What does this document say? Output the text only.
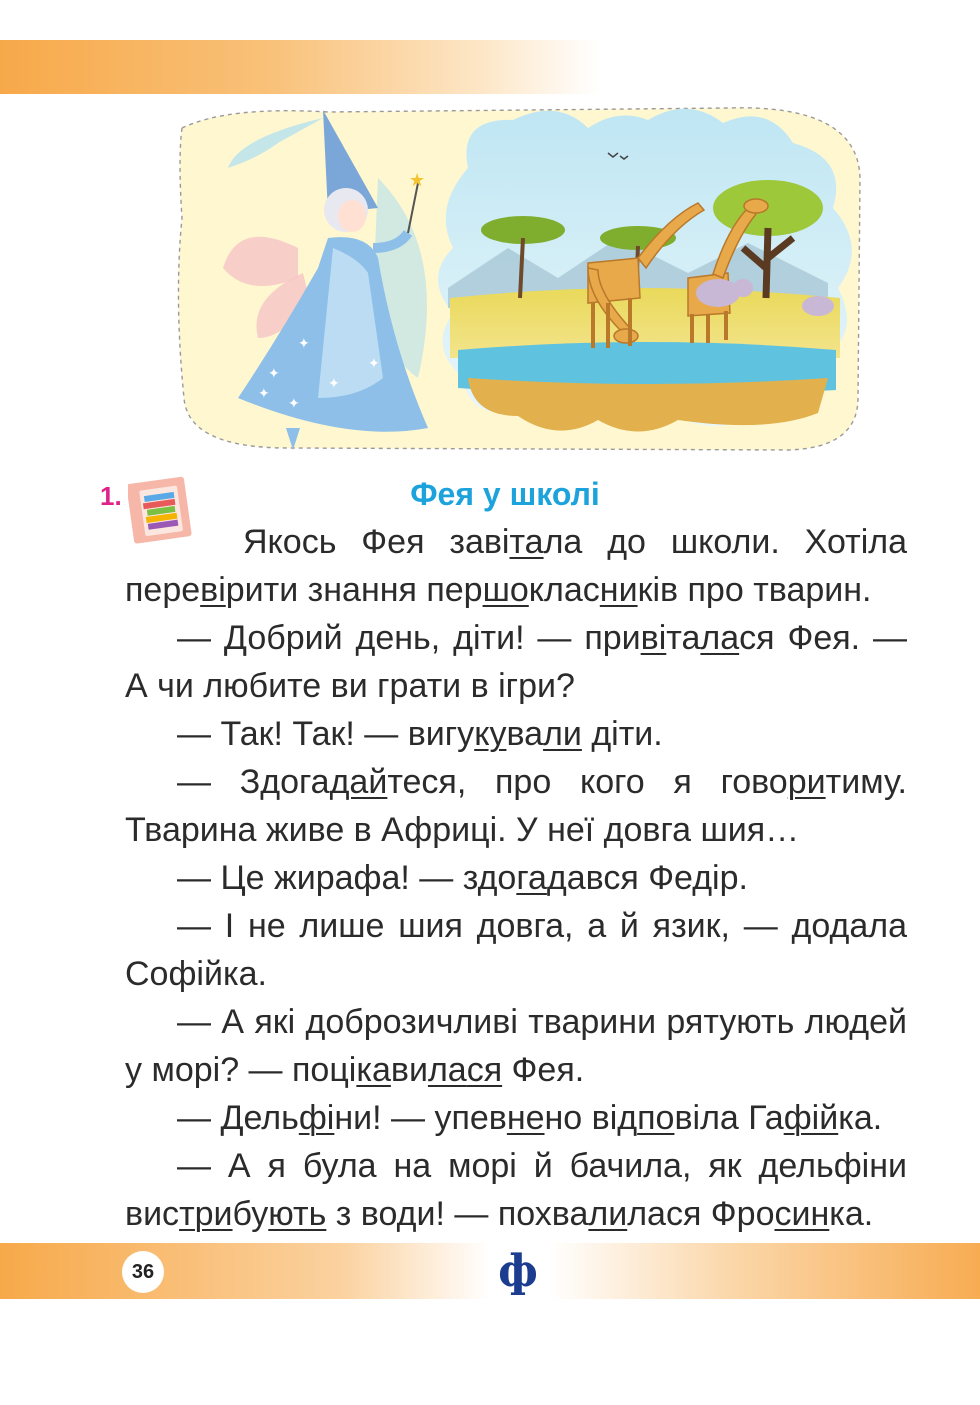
✦
✦
✦
✦
✦
✦
★
1.	Фея у школі

Якось Фея завітала до школи. Хотіла перевірити знання першокласників про тварин.

— Добрий день, діти! — привіталася Фея. — А чи любите ви грати в ігри?

— Так! Так! — вигукували діти.

— Здогадайтеся, про кого я говоритиму. Тварина живе в Африці. У неї довга шия…

— Це жирафа! — здогадався Федір.

— І не лише шия довга, а й язик, — додала Софійка.

— А які доброзичливі тварини рятують людей у морі? — поцікавилася Фея.

— Дельфіни! — упевнено відповіла Гафійка.

— А я була на морі й бачила, як дельфіни вистрибують з води! — похвалилася Фросинка.

36	ф
